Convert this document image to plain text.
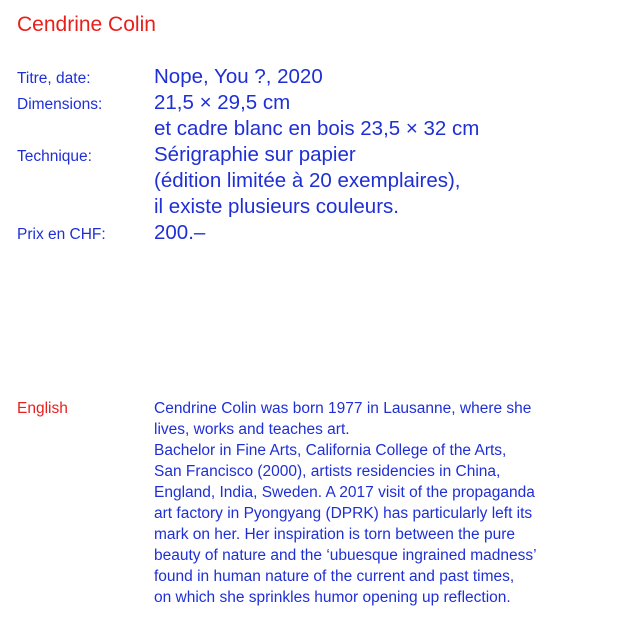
Cendrine Colin
Titre, date:	Nope, You ?, 2020
Dimensions:	21,5 × 29,5 cm
et cadre blanc en bois 23,5 × 32 cm
Technique:	Sérigraphie sur papier
(édition limitée à 20 exemplaires),
il existe plusieurs couleurs.
Prix en CHF:	200.–
English	Cendrine Colin was born 1977 in Lausanne, where she
lives, works and teaches art.
Bachelor in Fine Arts, California College of the Arts,
San Francisco (2000), artists residencies in China,
England, India, Sweden. A 2017 visit of the propaganda
art factory in Pyongyang (DPRK) has particularly left its
mark on her. Her inspiration is torn between the pure
beauty of nature and the ‘ubuesque ingrained madness’
found in human nature of the current and past times,
on which she sprinkles humor opening up reflection.
